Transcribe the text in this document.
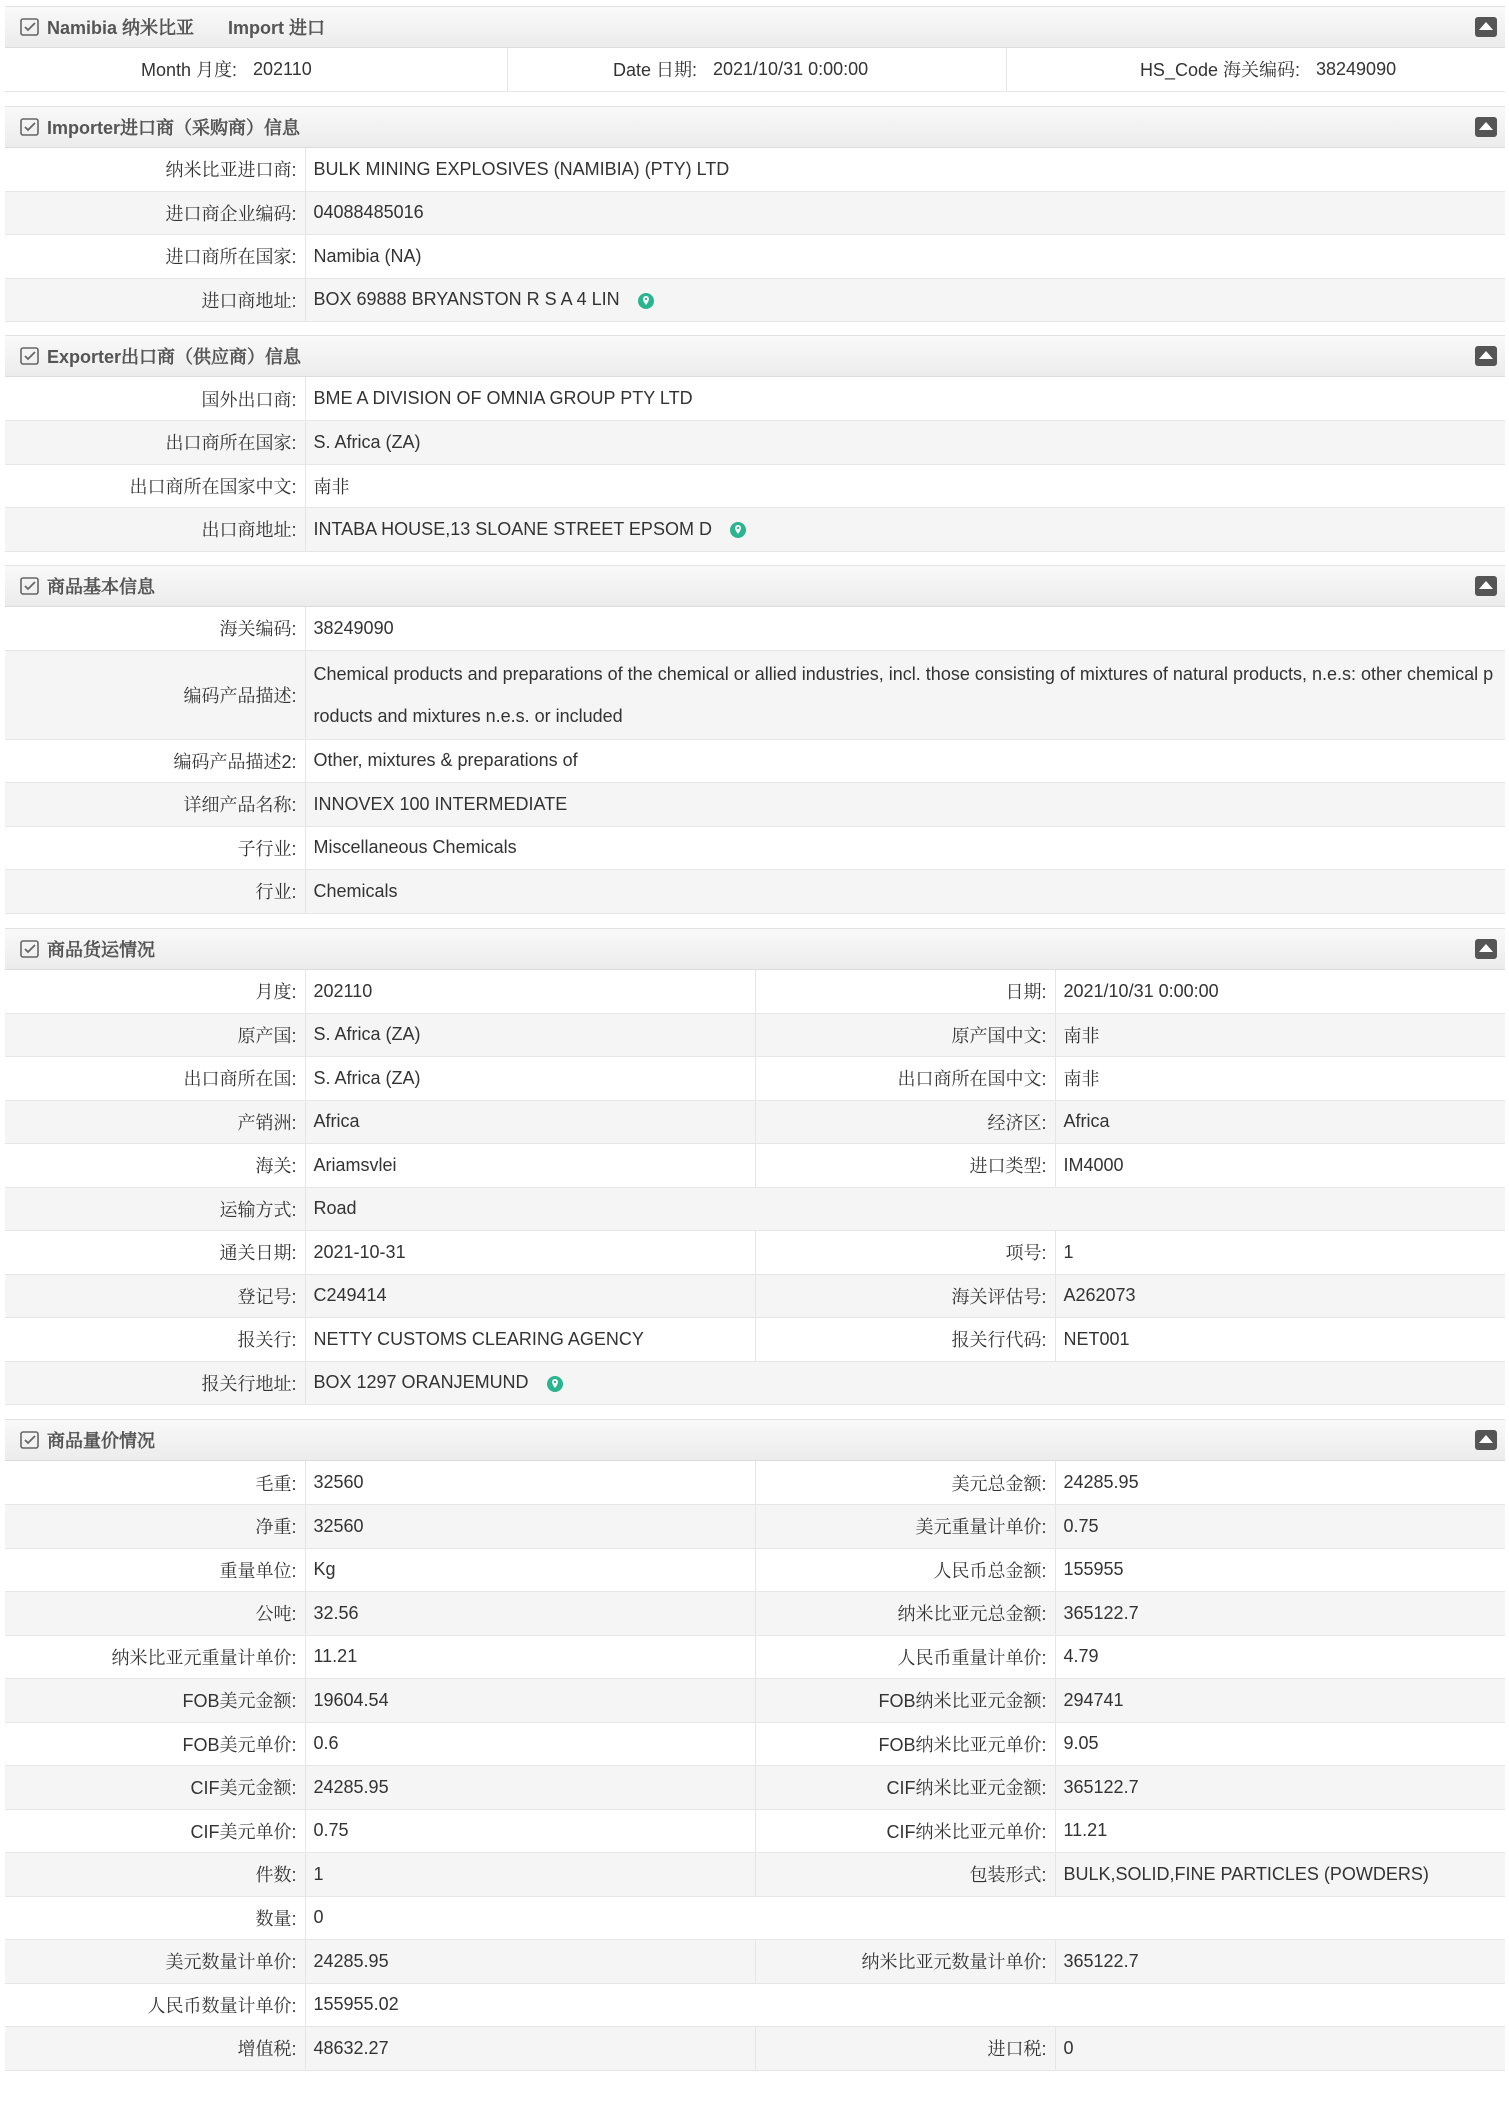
Namibia 纳米比亚 Import 进口
Month 月度:	202110	Date 日期:	2021/10/31 0:00:00	HS_Code 海关编码:	38249090
Importer进口商（采购商）信息
纳米比亚进口商:	BULK MINING EXPLOSIVES (NAMIBIA) (PTY) LTD
进口商企业编码:	04088485016
进口商所在国家:	Namibia (NA)
进口商地址:	BOX 69888 BRYANSTON R S A 4 LIN
Exporter出口商（供应商）信息
国外出口商:	BME A DIVISION OF OMNIA GROUP PTY LTD
出口商所在国家:	S. Africa (ZA)
出口商所在国家中文:	南非
出口商地址:	INTABA HOUSE,13 SLOANE STREET EPSOM D
商品基本信息
海关编码:	38249090
编码产品描述:	Chemical products and preparations of the chemical or allied industries, incl. those consisting of mixtures of natural products, n.e.s: other chemical products and mixtures n.e.s. or included
编码产品描述2:	Other, mixtures & preparations of
详细产品名称:	INNOVEX 100 INTERMEDIATE
子行业:	Miscellaneous Chemicals
行业:	Chemicals
商品货运情况
月度:	202110	日期:	2021/10/31 0:00:00
原产国:	S. Africa (ZA)	原产国中文:	南非
出口商所在国:	S. Africa (ZA)	出口商所在国中文:	南非
产销洲:	Africa	经济区:	Africa
海关:	Ariamsvlei	进口类型:	IM4000
运输方式:	Road		
通关日期:	2021-10-31	项号:	1
登记号:	C249414	海关评估号:	A262073
报关行:	NETTY CUSTOMS CLEARING AGENCY	报关行代码:	NET001
报关行地址:	BOX 1297 ORANJEMUND		
商品量价情况
毛重:	32560	美元总金额:	24285.95
净重:	32560	美元重量计单价:	0.75
重量单位:	Kg	人民币总金额:	155955
公吨:	32.56	纳米比亚元总金额:	365122.7
纳米比亚元重量计单价:	11.21	人民币重量计单价:	4.79
FOB美元金额:	19604.54	FOB纳米比亚元金额:	294741
FOB美元单价:	0.6	FOB纳米比亚元单价:	9.05
CIF美元金额:	24285.95	CIF纳米比亚元金额:	365122.7
CIF美元单价:	0.75	CIF纳米比亚元单价:	11.21
件数:	1	包装形式:	BULK,SOLID,FINE PARTICLES (POWDERS)
数量:	0		
美元数量计单价:	24285.95	纳米比亚元数量计单价:	365122.7
人民币数量计单价:	155955.02		
增值税:	48632.27	进口税:	0
